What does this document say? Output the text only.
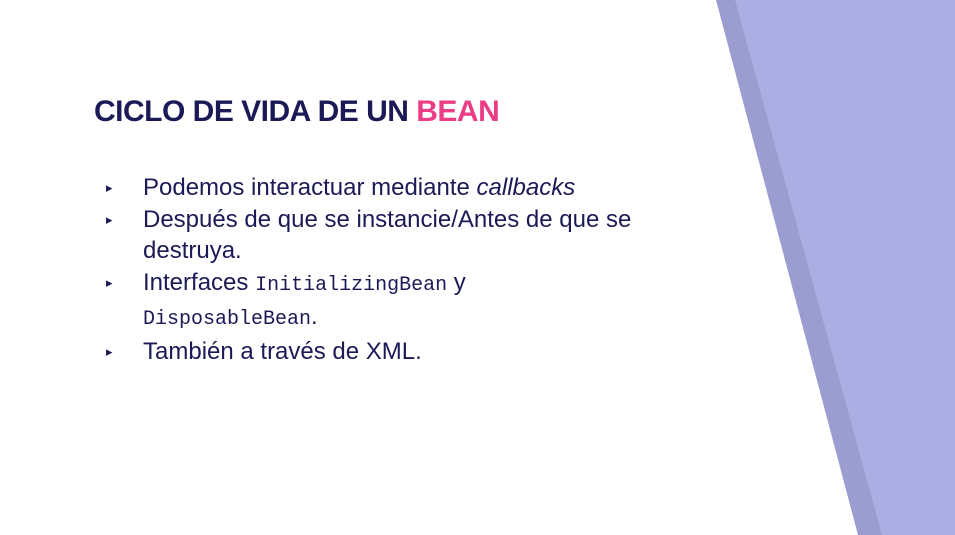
CICLO DE VIDA DE UN BEAN
▸ Podemos interactuar mediante callbacks
▸ Después de que se instancie/Antes de que se destruya.
▸ Interfaces InitializingBean y DisposableBean.
▸ También a través de XML.
